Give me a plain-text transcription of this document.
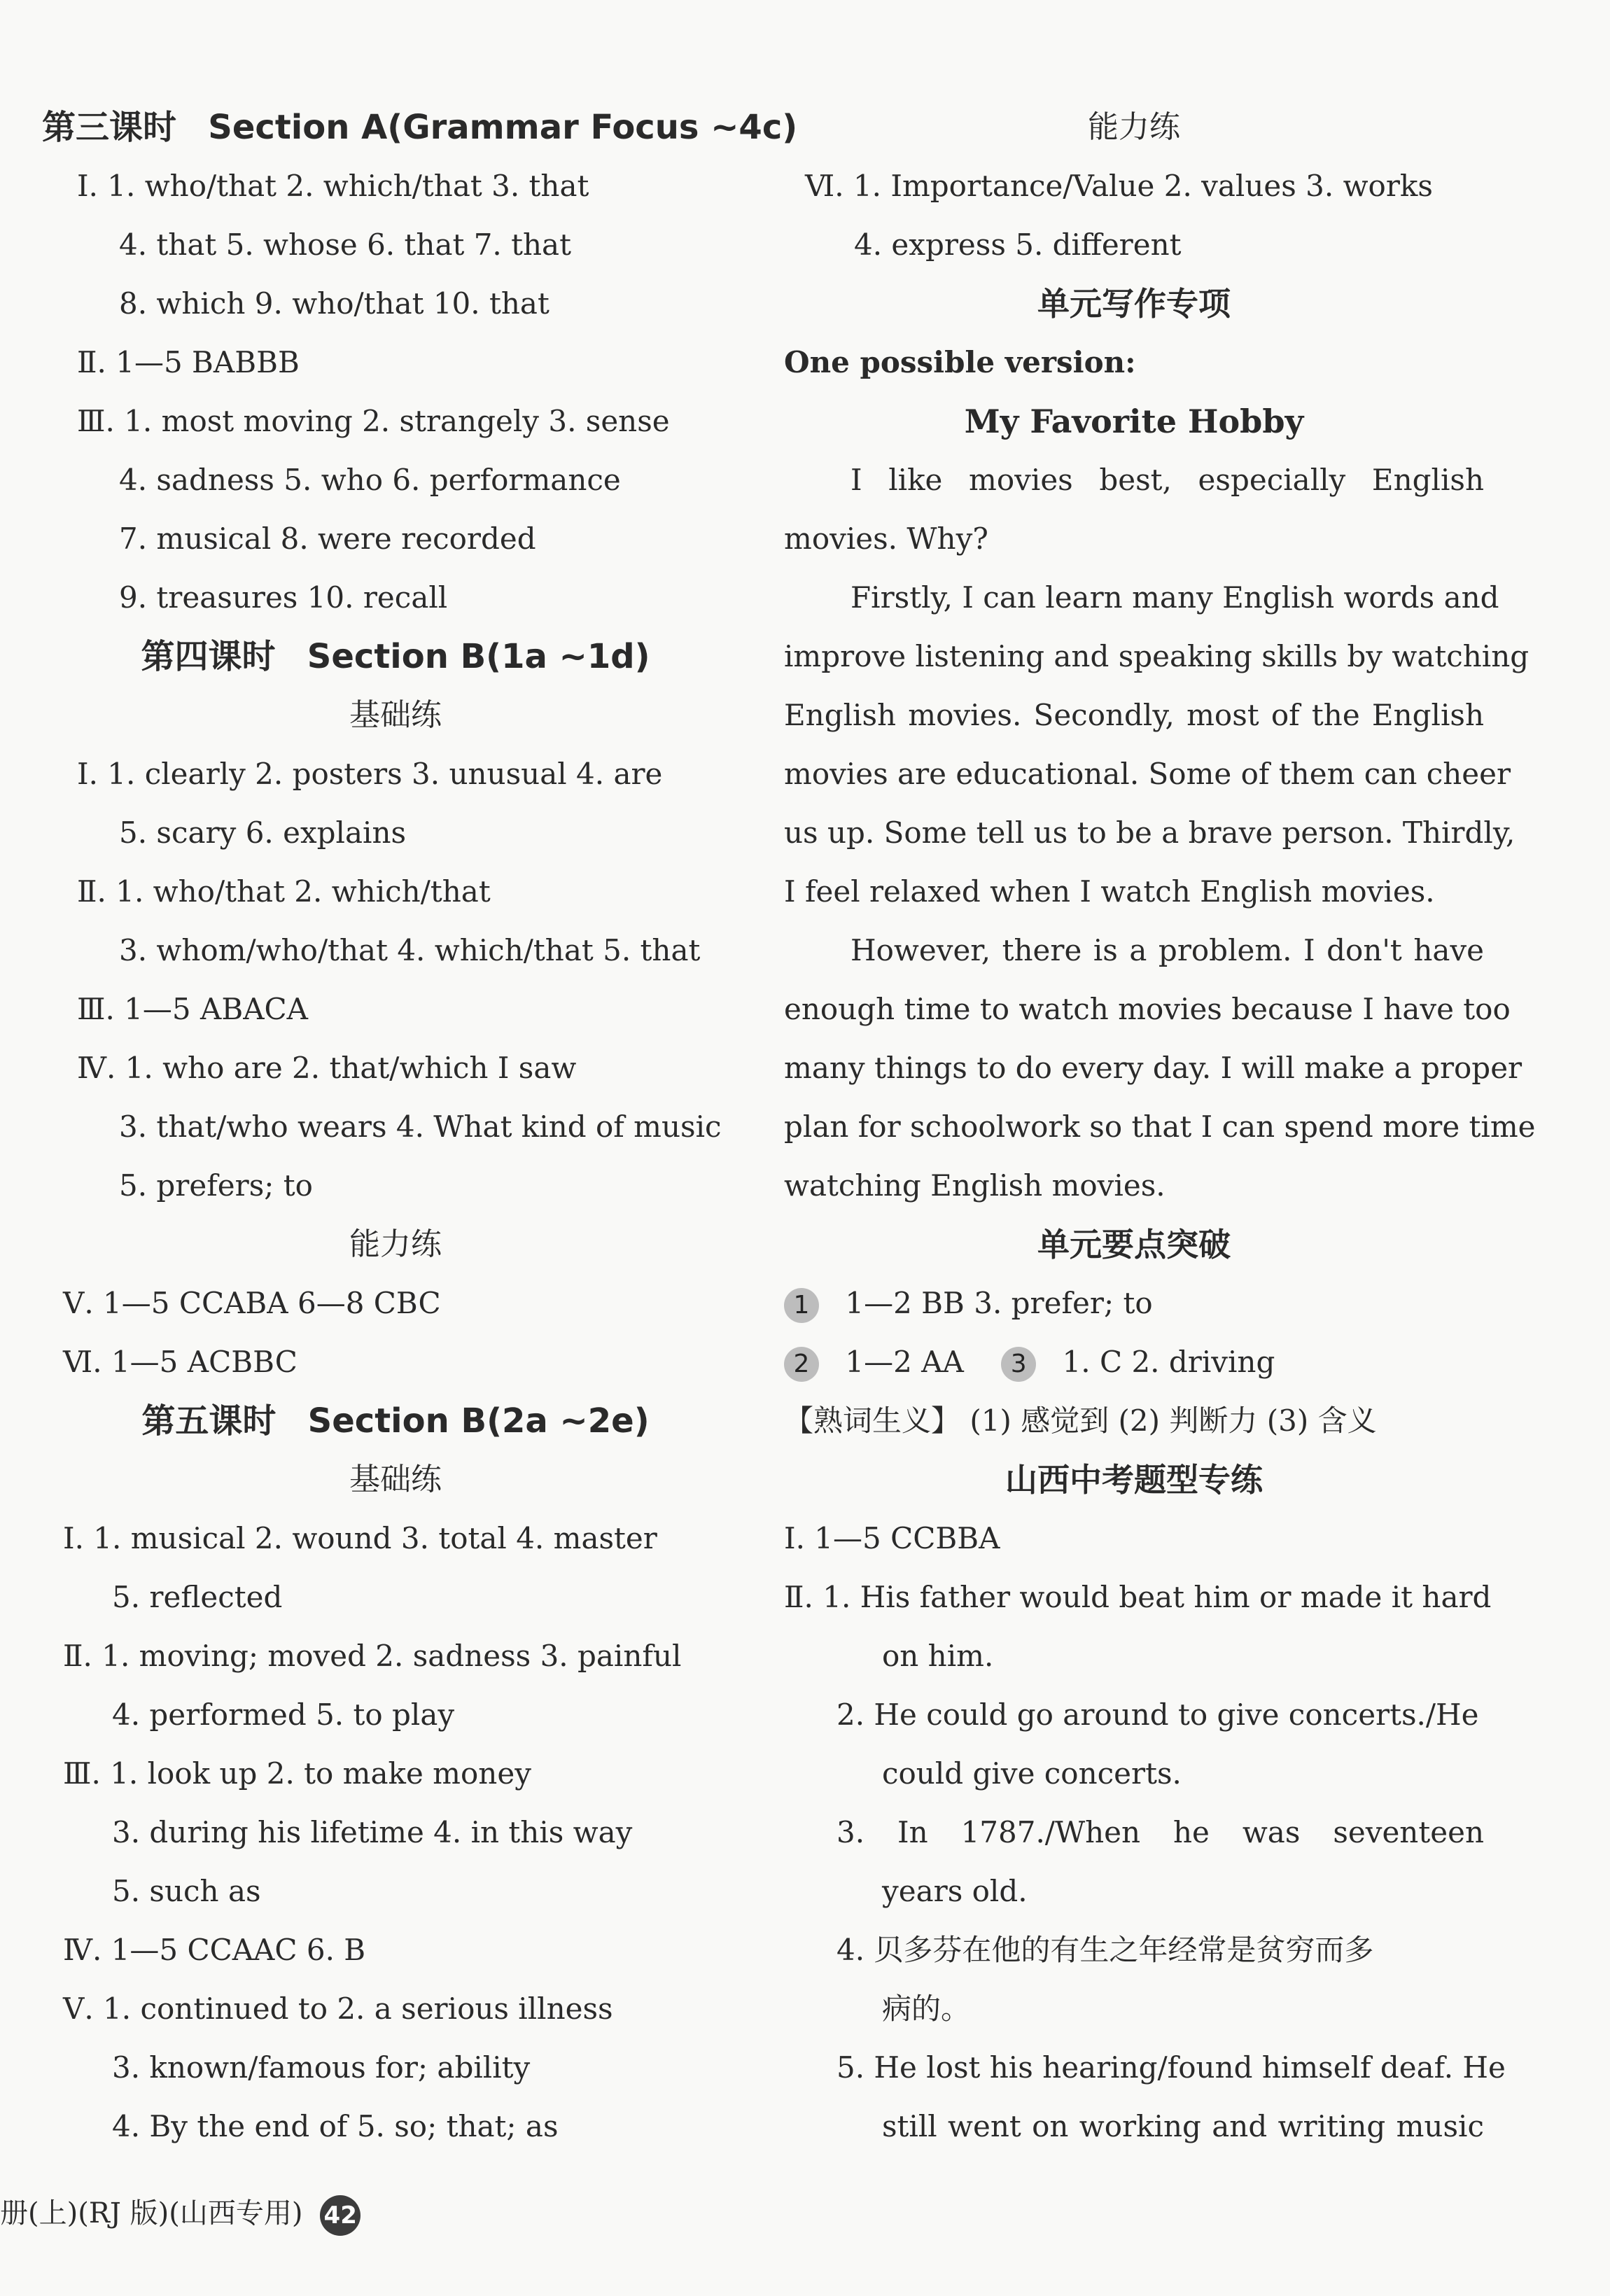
第三课时 Section A(Grammar Focus ~4c)
Ⅰ. 1. who/that 2. which/that 3. that
4. that 5. whose 6. that 7. that
8. which 9. who/that 10. that
Ⅱ. 1—5 BABBB
Ⅲ. 1. most moving 2. strangely 3. sense
4. sadness 5. who 6. performance
7. musical 8. were recorded
9. treasures 10. recall
第四课时 Section B(1a ~1d)
基础练
Ⅰ. 1. clearly 2. posters 3. unusual 4. are
5. scary 6. explains
Ⅱ. 1. who/that 2. which/that
3. whom/who/that 4. which/that 5. that
Ⅲ. 1—5 ABACA
Ⅳ. 1. who are 2. that/which I saw
3. that/who wears 4. What kind of music
5. prefers; to
能力练
Ⅴ. 1—5 CCABA 6—8 CBC
Ⅵ. 1—5 ACBBC
第五课时 Section B(2a ~2e)
基础练
Ⅰ. 1. musical 2. wound 3. total 4. master
5. reflected
Ⅱ. 1. moving; moved 2. sadness 3. painful
4. performed 5. to play
Ⅲ. 1. look up 2. to make money
3. during his lifetime 4. in this way
5. such as
Ⅳ. 1—5 CCAAC 6. B
Ⅴ. 1. continued to 2. a serious illness
3. known/famous for; ability
4. By the end of 5. so; that; as
能力练
Ⅵ. 1. Importance/Value 2. values 3. works
4. express 5. different
单元写作专项
One possible version:
My Favorite Hobby
I like movies best, especially English
movies. Why?
Firstly, I can learn many English words and
improve listening and speaking skills by watching
English movies. Secondly, most of the English
movies are educational. Some of them can cheer
us up. Some tell us to be a brave person. Thirdly,
I feel relaxed when I watch English movies.
However, there is a problem. I don't have
enough time to watch movies because I have too
many things to do every day. I will make a proper
plan for schoolwork so that I can spend more time
watching English movies.
单元要点突破
1 1—2 BB 3. prefer; to
2 1—2 AA 3 1. C 2. driving
【熟词生义】 (1) 感觉到 (2) 判断力 (3) 含义
山西中考题型专练
Ⅰ. 1—5 CCBBA
Ⅱ. 1. His father would beat him or made it hard
on him.
2. He could go around to give concerts./He
could give concerts.
3. In 1787./When he was seventeen
years old.
4. 贝多芬在他的有生之年经常是贫穷而多
病的。
5. He lost his hearing/found himself deaf. He
still went on working and writing music
册(上)(RJ 版)(山西专用) 42
